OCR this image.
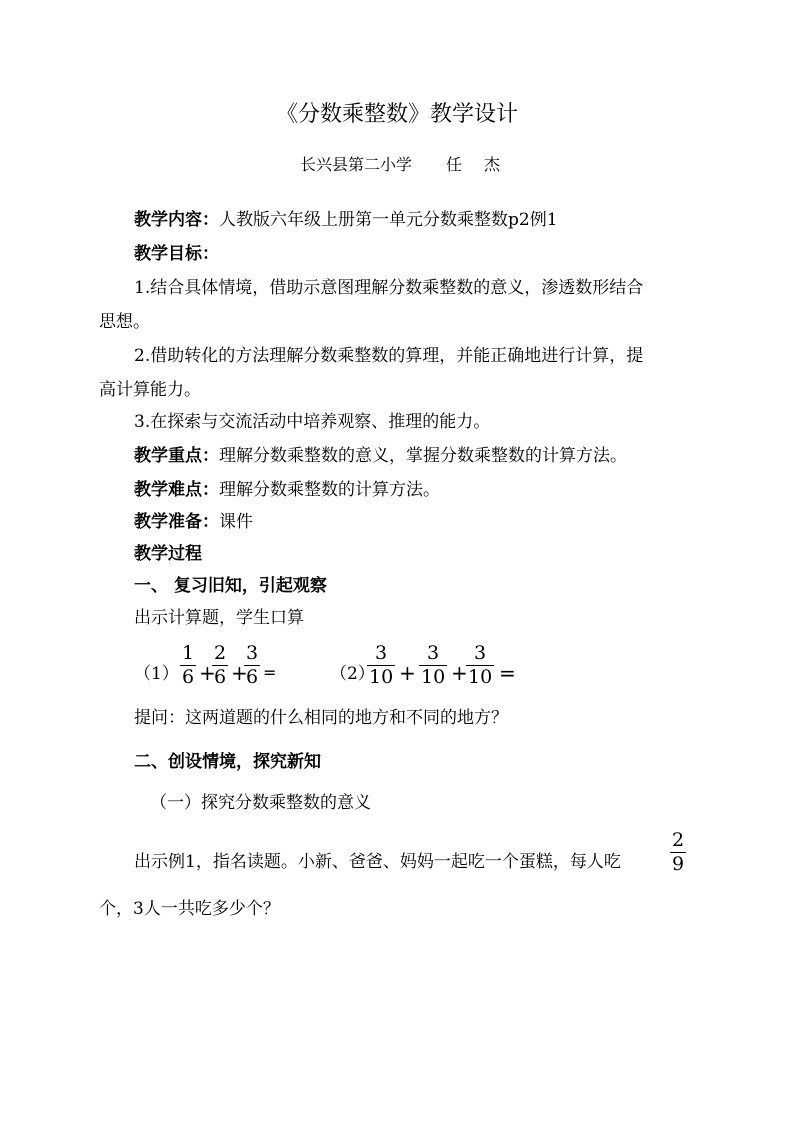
《分数乘整数》教学设计
长兴县第二小学 任 杰
教学内容：人教版六年级上册第一单元分数乘整数p2例1
教学目标：
1.结合具体情境，借助示意图理解分数乘整数的意义，渗透数形结合
思想。
2.借助转化的方法理解分数乘整数的算理，并能正确地进行计算，提
高计算能力。
3.在探索与交流活动中培养观察、推理的能力。
教学重点：理解分数乘整数的意义，掌握分数乘整数的计算方法。
教学难点：理解分数乘整数的计算方法。
教学准备：课件
教学过程
一、 复习旧知，引起观察
出示计算题，学生口算
（1）
1
6 +
2
6 +
3
6 =	（2）
3
10 +
3
10 +
3
10 =
提问：这两道题的什么相同的地方和不同的地方？
二、创设情境，探究新知
（一）探究分数乘整数的意义
出示例1，指名读题。小新、爸爸、妈妈一起吃一个蛋糕，每人吃
2
9
个，3人一共吃多少个？
